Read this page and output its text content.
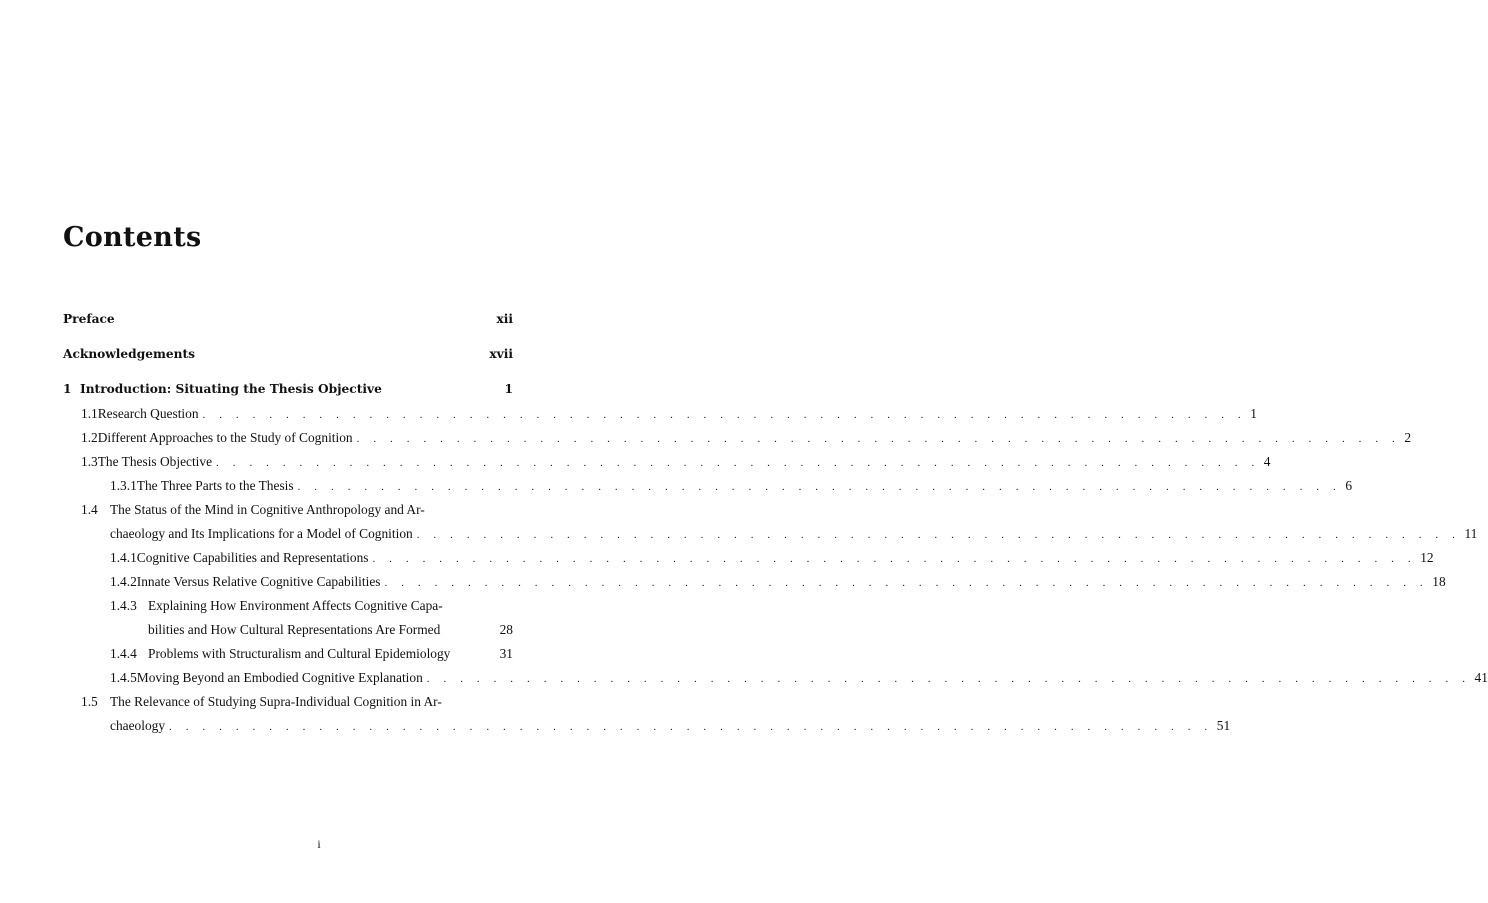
Contents
Preface	xii
Acknowledgements	xvii
1 Introduction: Situating the Thesis Objective	1
1.1 Research Question . . . . . . . . . . . . . . . . . . . . . . . . . . . . . . . . . . . . . . . . . . . . . . . . . . . . . . . . . . . . . . . 1
1.2 Different Approaches to the Study of Cognition . . . . . . . . . . . . . . . . . . . . . . . . . . . . . . . . . . . . . . . . . . . . . . . . . . . . . . . . . . . . . . . 2
1.3 The Thesis Objective . . . . . . . . . . . . . . . . . . . . . . . . . . . . . . . . . . . . . . . . . . . . . . . . . . . . . . . . . . . . . . . 4
1.3.1 The Three Parts to the Thesis . . . . . . . . . . . . . . . . . . . . . . . . . . . . . . . . . . . . . . . . . . . . . . . . . . . . . . . . . . . . . . . 6
1.4 The Status of the Mind in Cognitive Anthropology and Ar-
chaeology and Its Implications for a Model of Cognition . . . . . . . . . . . . . . . . . . . . . . . . . . . . . . . . . . . . . . . . . . . . . . . . . . . . . . . . . . . . . . . 11
1.4.1 Cognitive Capabilities and Representations . . . . . . . . . . . . . . . . . . . . . . . . . . . . . . . . . . . . . . . . . . . . . . . . . . . . . . . . . . . . . . . 12
1.4.2 Innate Versus Relative Cognitive Capabilities . . . . . . . . . . . . . . . . . . . . . . . . . . . . . . . . . . . . . . . . . . . . . . . . . . . . . . . . . . . . . . . 18
1.4.3 Explaining How Environment Affects Cognitive Capa-
bilities and How Cultural Representations Are Formed	28
1.4.4 Problems with Structuralism and Cultural Epidemiology	31
1.4.5 Moving Beyond an Embodied Cognitive Explanation . . . . . . . . . . . . . . . . . . . . . . . . . . . . . . . . . . . . . . . . . . . . . . . . . . . . . . . . . . . . . . . 41
1.5 The Relevance of Studying Supra-Individual Cognition in Ar-
chaeology . . . . . . . . . . . . . . . . . . . . . . . . . . . . . . . . . . . . . . . . . . . . . . . . . . . . . . . . . . . . . . . 51
i
